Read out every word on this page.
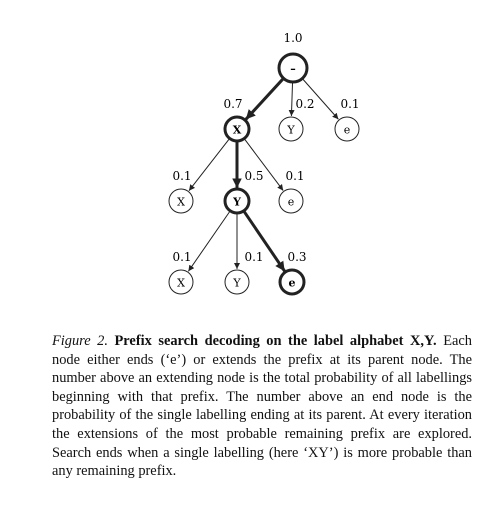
–
1.0
X
0.7
Y
0.2
e
0.1
X
0.1
Y
0.5
e
0.1
X
0.1
Y
0.1
e
0.3

Figure 2. Prefix search decoding on the label alphabet X,Y. Each node either ends (‘e’) or extends the prefix at its parent node. The number above an extending node is the total probability of all labellings beginning with that prefix. The number above an end node is the probability of the single labelling ending at its parent. At every iteration the extensions of the most probable remaining prefix are explored. Search ends when a single labelling (here ‘XY’) is more probable than any remaining prefix.
